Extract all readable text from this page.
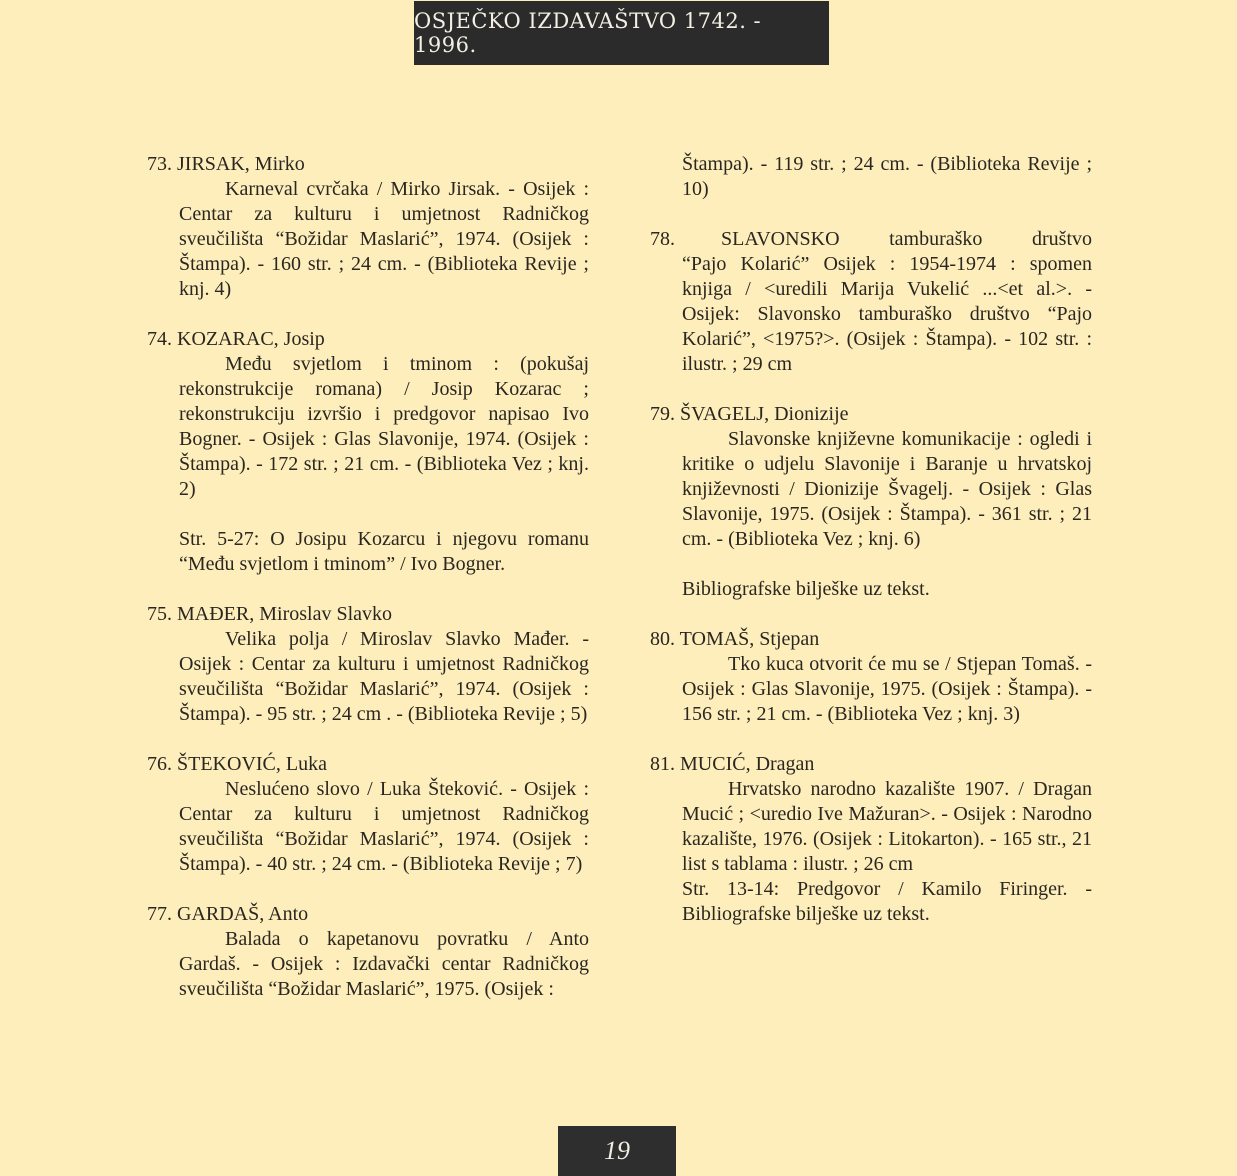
OSJEČKO IZDAVAŠTVO 1742. - 1996.
73. JIRSAK, Mirko
Karneval cvrčaka / Mirko Jirsak. - Osijek : Centar za kulturu i umjetnost Radničkog sveučilišta “Božidar Maslarić”, 1974. (Osijek : Štampa). - 160 str. ; 24 cm. - (Biblioteka Revije ; knj. 4)
74. KOZARAC, Josip
Među svjetlom i tminom : (pokušaj rekonstrukcije romana) / Josip Kozarac ; rekonstrukciju izvršio i predgovor napisao Ivo Bogner. - Osijek : Glas Slavonije, 1974. (Osijek : Štampa). - 172 str. ; 21 cm. - (Biblioteka Vez ; knj. 2)
Str. 5-27: O Josipu Kozarcu i njegovu romanu “Među svjetlom i tminom” / Ivo Bogner.
75. MAĐER, Miroslav Slavko
Velika polja / Miroslav Slavko Mađer. - Osijek : Centar za kulturu i umjetnost Radničkog sveučilišta “Božidar Maslarić”, 1974. (Osijek : Štampa). - 95 str. ; 24 cm . - (Biblioteka Revije ; 5)
76. ŠTEKOVIĆ, Luka
Neslućeno slovo / Luka Šteković. - Osijek : Centar za kulturu i umjetnost Radničkog sveučilišta “Božidar Maslarić”, 1974. (Osijek : Štampa). - 40 str. ; 24 cm. - (Biblioteka Revije ; 7)
77. GARDAŠ, Anto
Balada o kapetanovu povratku / Anto Gardaš. - Osijek : Izdavački centar Radničkog sveučilišta “Božidar Maslarić”, 1975. (Osijek :
Štampa). - 119 str. ; 24 cm. - (Biblioteka Revije ; 10)
78. SLAVONSKO tamburaško društvo
“Pajo Kolarić” Osijek : 1954-1974 : spomen knjiga / <uredili Marija Vukelić ...<et al.>. - Osijek: Slavonsko tamburaško društvo “Pajo Kolarić”, <1975?>. (Osijek : Štampa). - 102 str. : ilustr. ; 29 cm
79. ŠVAGELJ, Dionizije
Slavonske književne komunikacije : ogledi i kritike o udjelu Slavonije i Baranje u hrvatskoj književnosti / Dionizije Švagelj. - Osijek : Glas Slavonije, 1975. (Osijek : Štampa). - 361 str. ; 21 cm. - (Biblioteka Vez ; knj. 6)
Bibliografske bilješke uz tekst.
80. TOMAŠ, Stjepan
Tko kuca otvorit će mu se / Stjepan Tomaš. - Osijek : Glas Slavonije, 1975. (Osijek : Štampa). - 156 str. ; 21 cm. - (Biblioteka Vez ; knj. 3)
81. MUCIĆ, Dragan
Hrvatsko narodno kazalište 1907. / Dragan Mucić ; <uredio Ive Mažuran>. - Osijek : Narodno kazalište, 1976. (Osijek : Litokarton). - 165 str., 21 list s tablama : ilustr. ; 26 cm
Str. 13-14: Predgovor / Kamilo Firinger. - Bibliografske bilješke uz tekst.
19
